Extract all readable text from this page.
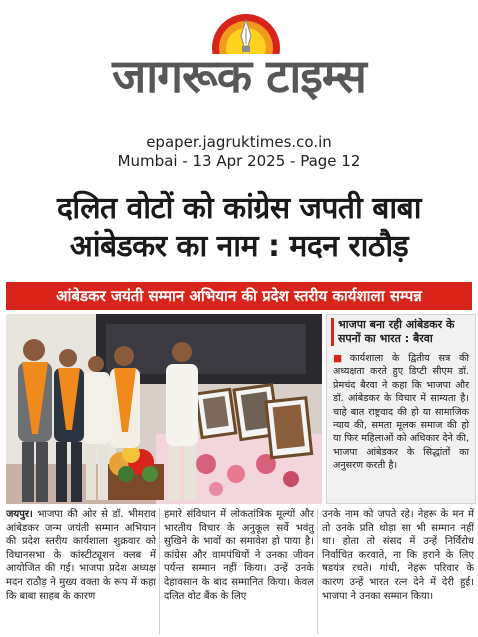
जागरूक टाइम्स
epaper.jagruktimes.co.in
Mumbai - 13 Apr 2025 - Page 12
दलित वोटों को कांग्रेस जपती बाबा
आंबेडकर का नाम : मदन राठौड़
आंबेडकर जयंती सम्मान अभियान की प्रदेश स्तरीय कार्यशाला सम्पन्न
भाजपा बना रही आंबेडकर के सपनों का भारत : बैरवा
■ कार्यशाला के द्वितीय सत्र की अध्यक्षता करते हुए डिप्टी सीएम डॉ. प्रेमचंद बैरवा ने कहा कि भाजपा और डॉ. आंबेडकर के विचार में साम्यता है। चाहे बात राष्ट्रवाद की हो या सामाजिक न्याय की, समता मूलक समाज की हो या फिर महिलाओं को अधिकार देने की, भाजपा आंबेडकर के सिद्धांतों का अनुसरण करती है।
जयपुर। भाजपा की ओर से डॉ. भीमराव आंबेडकर जन्म जयंती सम्मान अभियान की प्रदेश स्तरीय कार्यशाला शुक्रवार को विधानसभा के कांस्टीट्यूशन क्लब में आयोजित की गई। भाजपा प्रदेश अध्यक्ष मदन राठौड़ ने मुख्य वक्ता के रूप में कहा कि बाबा साहब के कारण
हमारे संविधान में लोकतांत्रिक मूल्यों और भारतीय विचार के अनुकूल सर्वे भवंतु सुखिने के भावों का समावेश हो पाया है। कांग्रेस और वामपंथियों ने उनका जीवन पर्यन्त सम्मान नहीं किया। उन्हें उनके देहावसान के बाद सम्मानित किया। केवल दलित वोट बैंक के लिए
उनके नाम को जपते रहे। नेहरू के मन में तो उनके प्रति थोड़ा सा भी सम्मान नहीं था। होता तो संसद में उन्हें निर्विरोध निर्वाचित करवाते, ना कि हराने के लिए षडयंत्र रचते। गांधी, नेहरू परिवार के कारण उन्हें भारत रत्न देने में देरी हुई। भाजपा ने उनका सम्मान किया।
